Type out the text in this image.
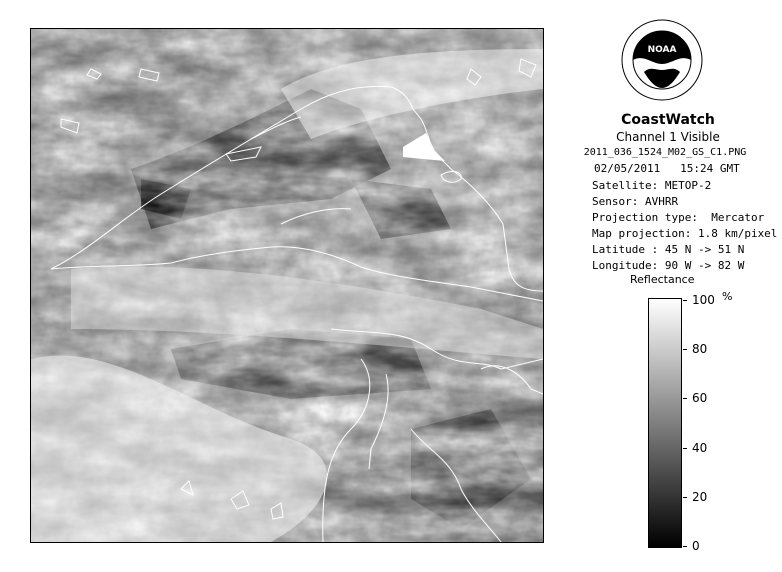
NOAA
CoastWatch
Channel 1 Visible
2011_036_1524_M02_GS_C1.PNG
02/05/2011   15:24 GMT
Satellite: METOP-2
Sensor: AVHRR
Projection type:  Mercator
Map projection: 1.8 km/pixel
Latitude : 45 N -> 51 N
Longitude: 90 W -> 82 W
Reflectance
%
100
80
60
40
20
0
